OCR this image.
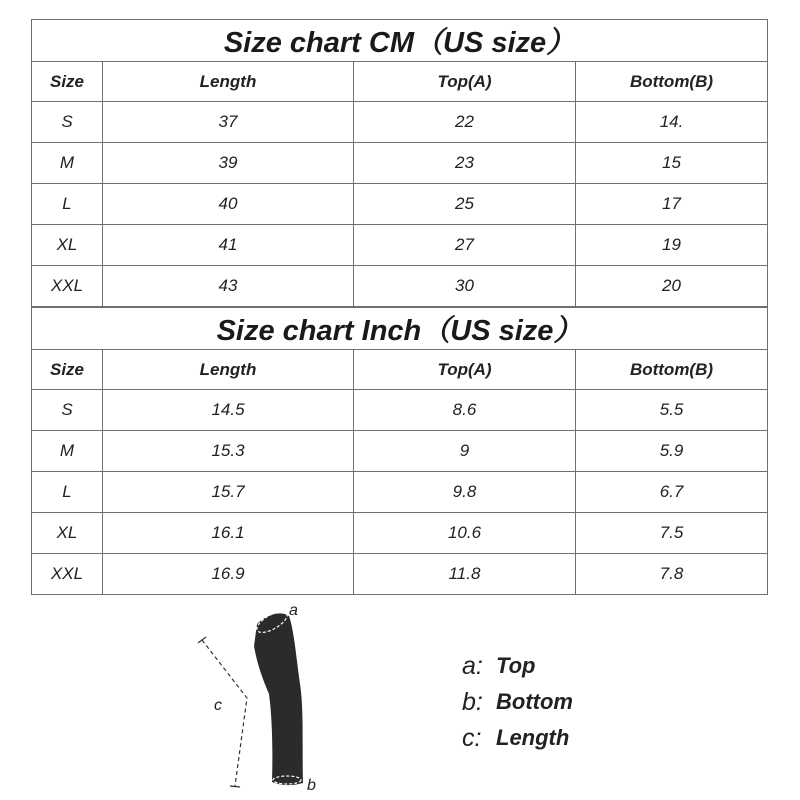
Size chart CM（US size）			
Size	Length	Top(A)	Bottom(B)
S	37	22	14.
M	39	23	15
L	40	25	17
XL	41	27	19
XXL	43	30	20
Size chart Inch（US size）			
Size	Length	Top(A)	Bottom(B)
S	14.5	8.6	5.5
M	15.3	9	5.9
L	15.7	9.8	6.7
XL	16.1	10.6	7.5
XXL	16.9	11.8	7.8
a
b
c
a: Top
b: Bottom
c: Length
